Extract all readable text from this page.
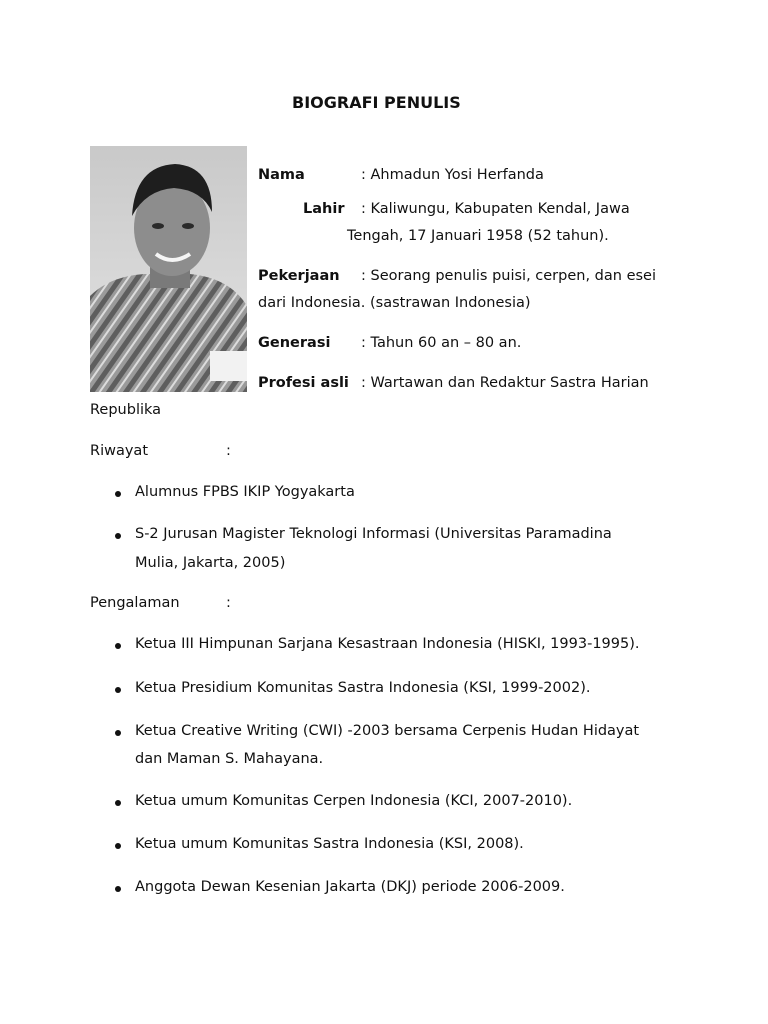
BIOGRAFI PENULIS
Nama	: Ahmadun Yosi Herfanda
Lahir : Kaliwungu, Kabupaten Kendal, Jawa
Tengah, 17 Januari 1958 (52 tahun).
Pekerjaan : Seorang penulis puisi, cerpen, dan esei
dari Indonesia. (sastrawan Indonesia)
Generasi : Tahun 60 an – 80 an.
Profesi asli : Wartawan dan Redaktur Sastra Harian
Republika
Riwayat	:
Alumnus FPBS IKIP Yogyakarta
S-2 Jurusan Magister Teknologi Informasi (Universitas Paramadina
Mulia, Jakarta, 2005)
Pengalaman	:
Ketua III Himpunan Sarjana Kesastraan Indonesia (HISKI, 1993-1995).
Ketua Presidium Komunitas Sastra Indonesia (KSI, 1999-2002).
Ketua Creative Writing (CWI) -2003 bersama Cerpenis Hudan Hidayat
dan Maman S. Mahayana.
Ketua umum Komunitas Cerpen Indonesia (KCI, 2007-2010).
Ketua umum Komunitas Sastra Indonesia (KSI, 2008).
Anggota Dewan Kesenian Jakarta (DKJ) periode 2006-2009.
